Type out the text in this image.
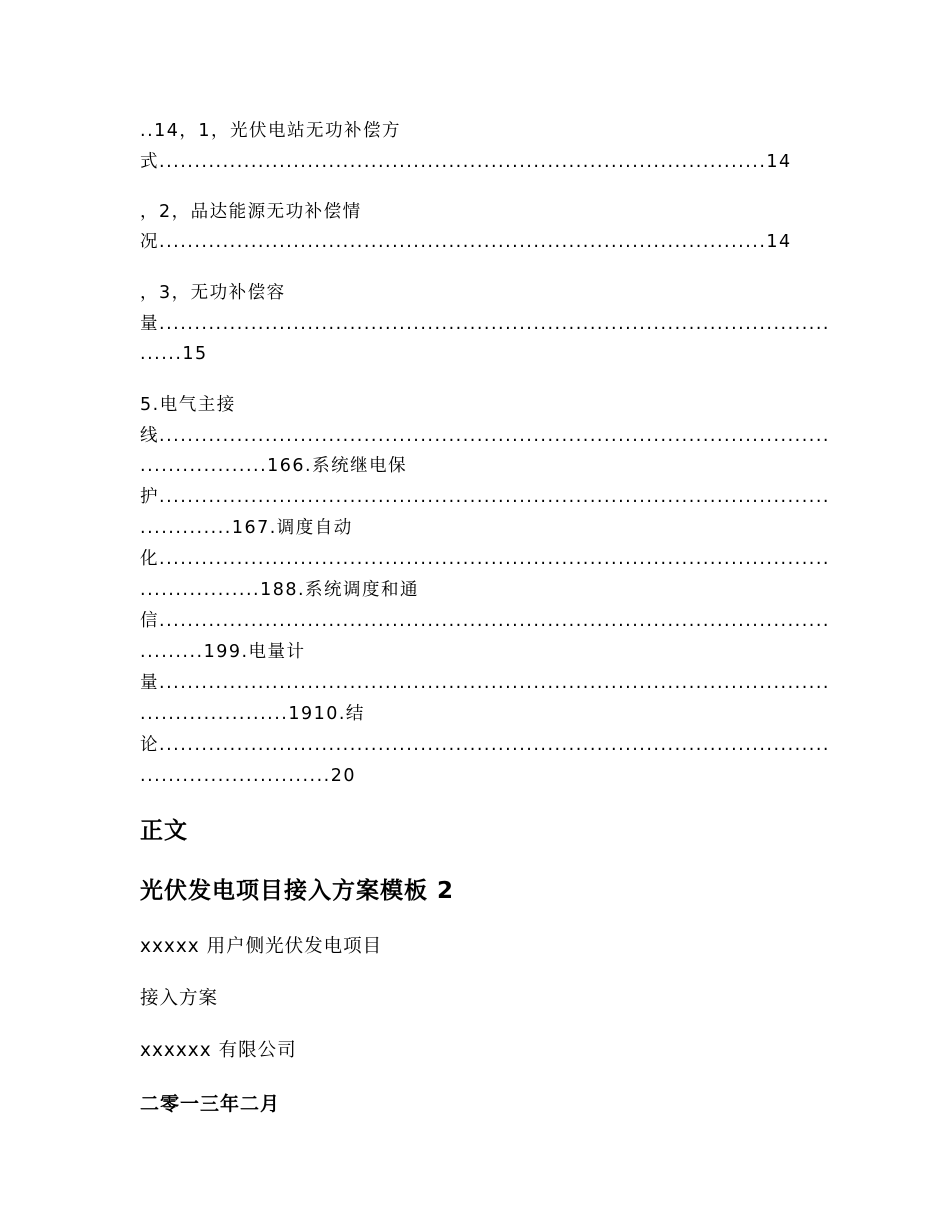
..14，1，光伏电站无功补偿方
式......................................................................................14
，2，品达能源无功补偿情
况......................................................................................14
，3，无功补偿容
量...............................................................................................
......15
5.电气主接
线...............................................................................................
..................166.系统继电保
护...............................................................................................
.............167.调度自动
化...............................................................................................
.................188.系统调度和通
信...............................................................................................
.........199.电量计
量...............................................................................................
.....................1910.结
论...............................................................................................
...........................20
正文
光伏发电项目接入方案模板 2
xxxxx 用户侧光伏发电项目
接入方案
xxxxxx 有限公司
二零一三年二月
